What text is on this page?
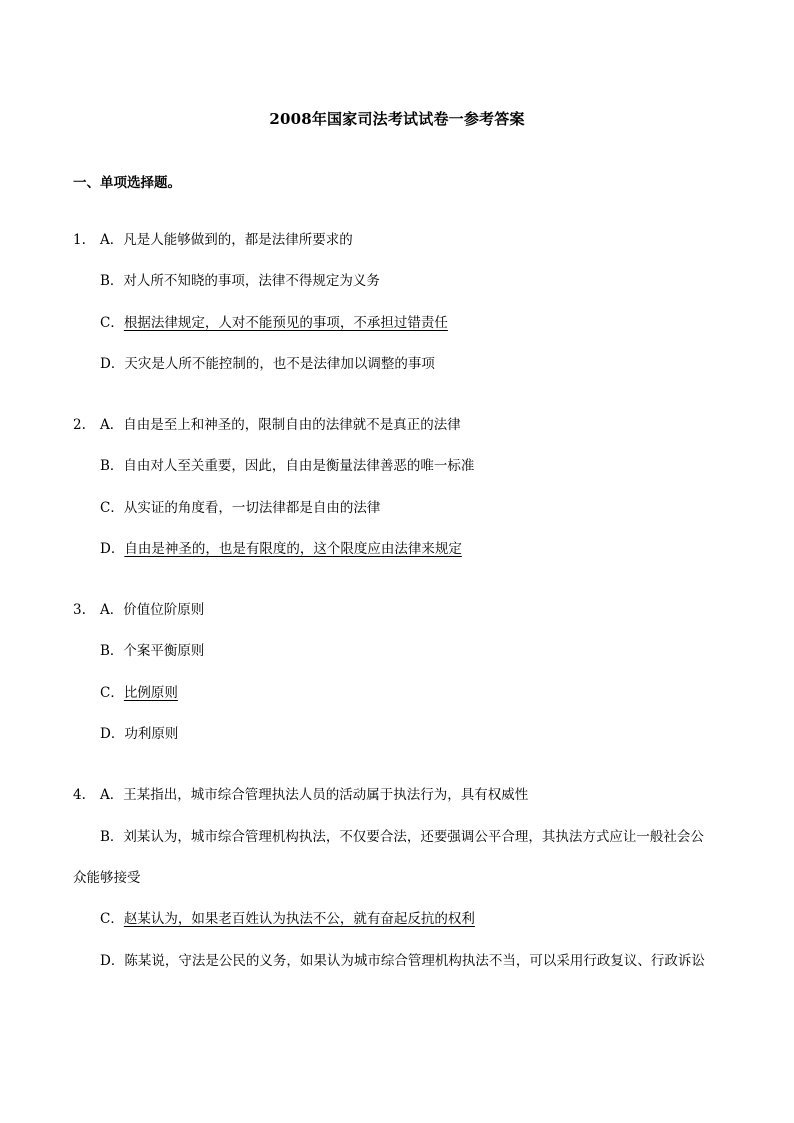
2008年国家司法考试试卷一参考答案
一、单项选择题。
1. A．凡是人能够做到的，都是法律所要求的
B．对人所不知晓的事项，法律不得规定为义务
C．根据法律规定，人对不能预见的事项，不承担过错责任
D．天灾是人所不能控制的，也不是法律加以调整的事项
2. A．自由是至上和神圣的，限制自由的法律就不是真正的法律
B．自由对人至关重要，因此，自由是衡量法律善恶的唯一标准
C．从实证的角度看，一切法律都是自由的法律
D．自由是神圣的，也是有限度的，这个限度应由法律来规定
3. A．价值位阶原则
B．个案平衡原则
C．比例原则
D．功利原则
4. A．王某指出，城市综合管理执法人员的活动属于执法行为，具有权威性
B．刘某认为，城市综合管理机构执法，不仅要合法，还要强调公平合理，其执法方式应让一般社会公
众能够接受
C．赵某认为，如果老百姓认为执法不公，就有奋起反抗的权利
D．陈某说，守法是公民的义务，如果认为城市综合管理机构执法不当，可以采用行政复议、行政诉讼
